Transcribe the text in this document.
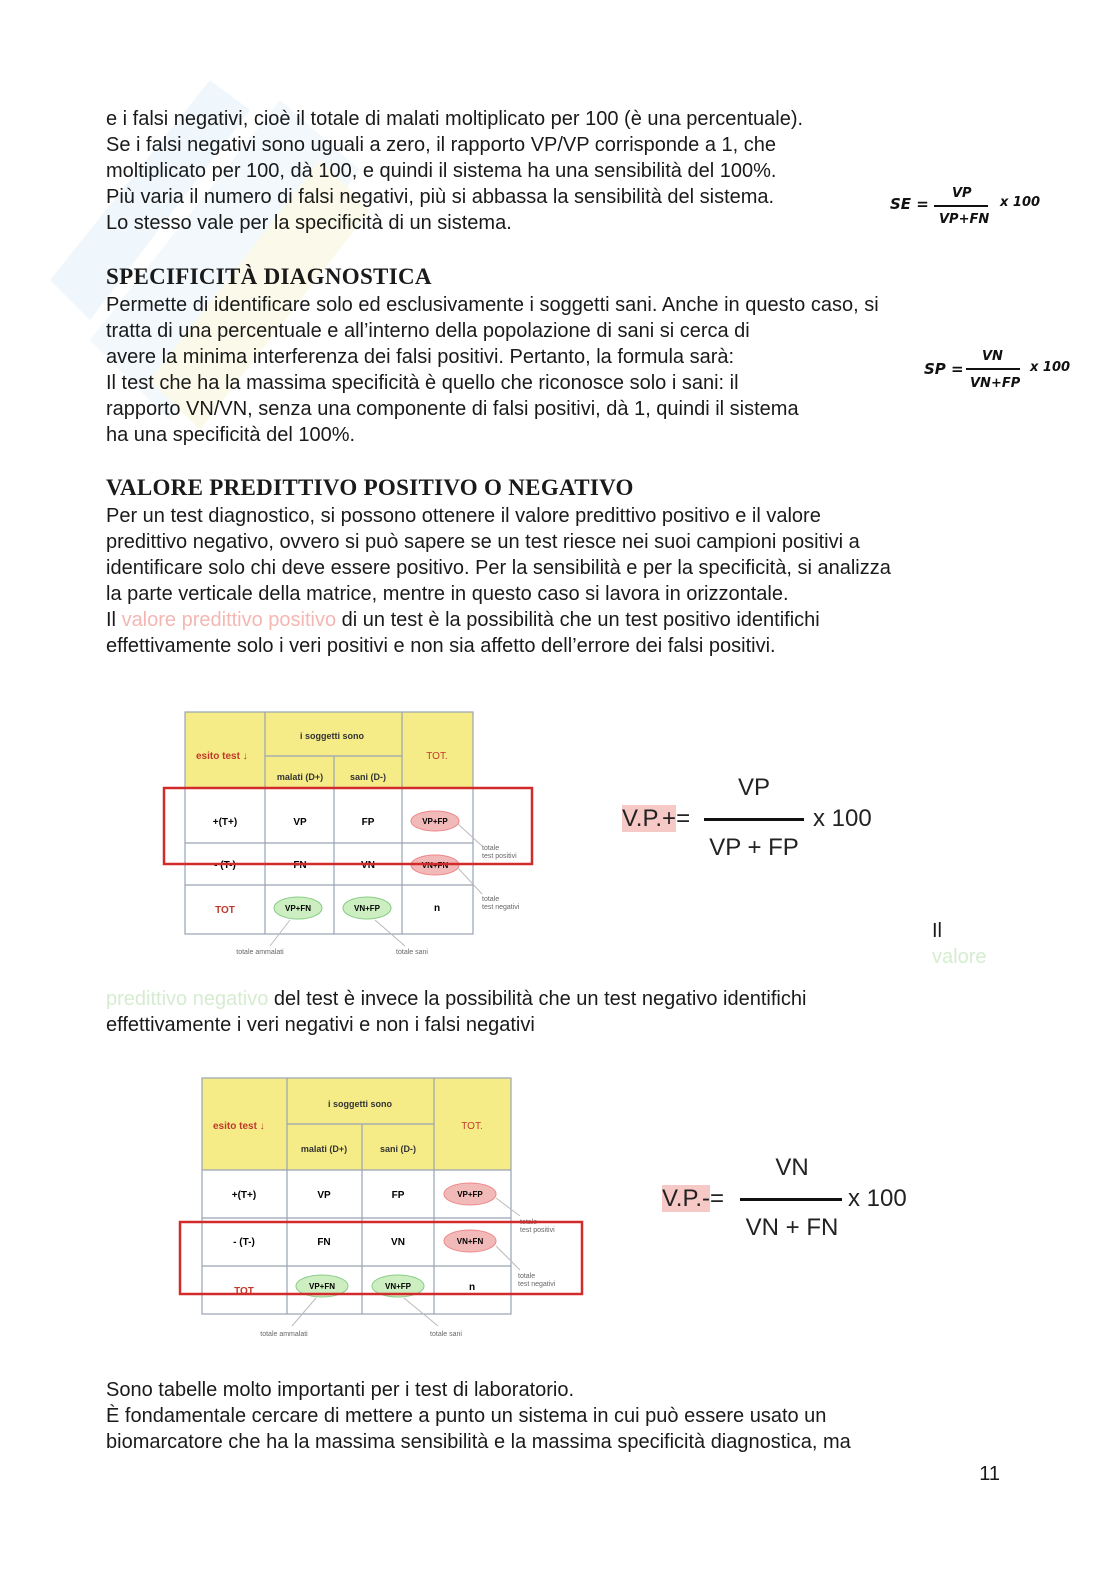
e i falsi negativi, cioè il totale di malati moltiplicato per 100 (è una percentuale).
Se i falsi negativi sono uguali a zero, il rapporto VP/VP corrisponde a 1, che
moltiplicato per 100, dà 100, e quindi il sistema ha una sensibilità del 100%.
Più varia il numero di falsi negativi, più si abbassa la sensibilità del sistema.
Lo stesso vale per la specificità di un sistema.

SE =
VP
VP+FN
x 100
SPECIFICITÀ DIAGNOSTICA

Permette di identificare solo ed esclusivamente i soggetti sani. Anche in questo caso, si
tratta di una percentuale e all’interno della popolazione di sani si cerca di
avere la minima interferenza dei falsi positivi. Pertanto, la formula sarà:
Il test che ha la massima specificità è quello che riconosce solo i sani: il
rapporto VN/VN, senza una componente di falsi positivi, dà 1, quindi il sistema
ha una specificità del 100%.

SP =
VN
VN+FP
x 100
VALORE PREDITTIVO POSITIVO O NEGATIVO

Per un test diagnostico, si possono ottenere il valore predittivo positivo e il valore
predittivo negativo, ovvero si può sapere se un test riesce nei suoi campioni positivi a
identificare solo chi deve essere positivo. Per la sensibilità e per la specificità, si analizza
la parte verticale della matrice, mentre in questo caso si lavora in orizzontale.
Il valore predittivo positivo di un test è la possibilità che un test positivo identifichi
effettivamente solo i veri positivi e non sia affetto dell’errore dei falsi positivi.

esito test ↓
i soggetti sono
TOT.
malati (D+)	sani (D-)
+(T+)	VP	FP	VP+FP
- (T-)	FN	VN	VN+FN
TOT	VP+FN	VN+FP	n
totale
test positivi
totale
test negativi
totale ammalati	totale sani
V.P.+=
VP
VP + FP
x 100
Il
valore

predittivo negativo del test è invece la possibilità che un test negativo identifichi
effettivamente i veri negativi e non i falsi negativi

esito test ↓
i soggetti sono
TOT.
malati (D+)	sani (D-)
+(T+)	VP	FP	VP+FP
- (T-)	FN	VN	VN+FN
TOT	VP+FN	VN+FP	n
totale
test positivi
totale
test negativi
totale ammalati	totale sani
V.P.-=
VN
VN + FN
x 100

Sono tabelle molto importanti per i test di laboratorio.
È fondamentale cercare di mettere a punto un sistema in cui può essere usato un
biomarcatore che ha la massima sensibilità e la massima specificità diagnostica, ma

11
